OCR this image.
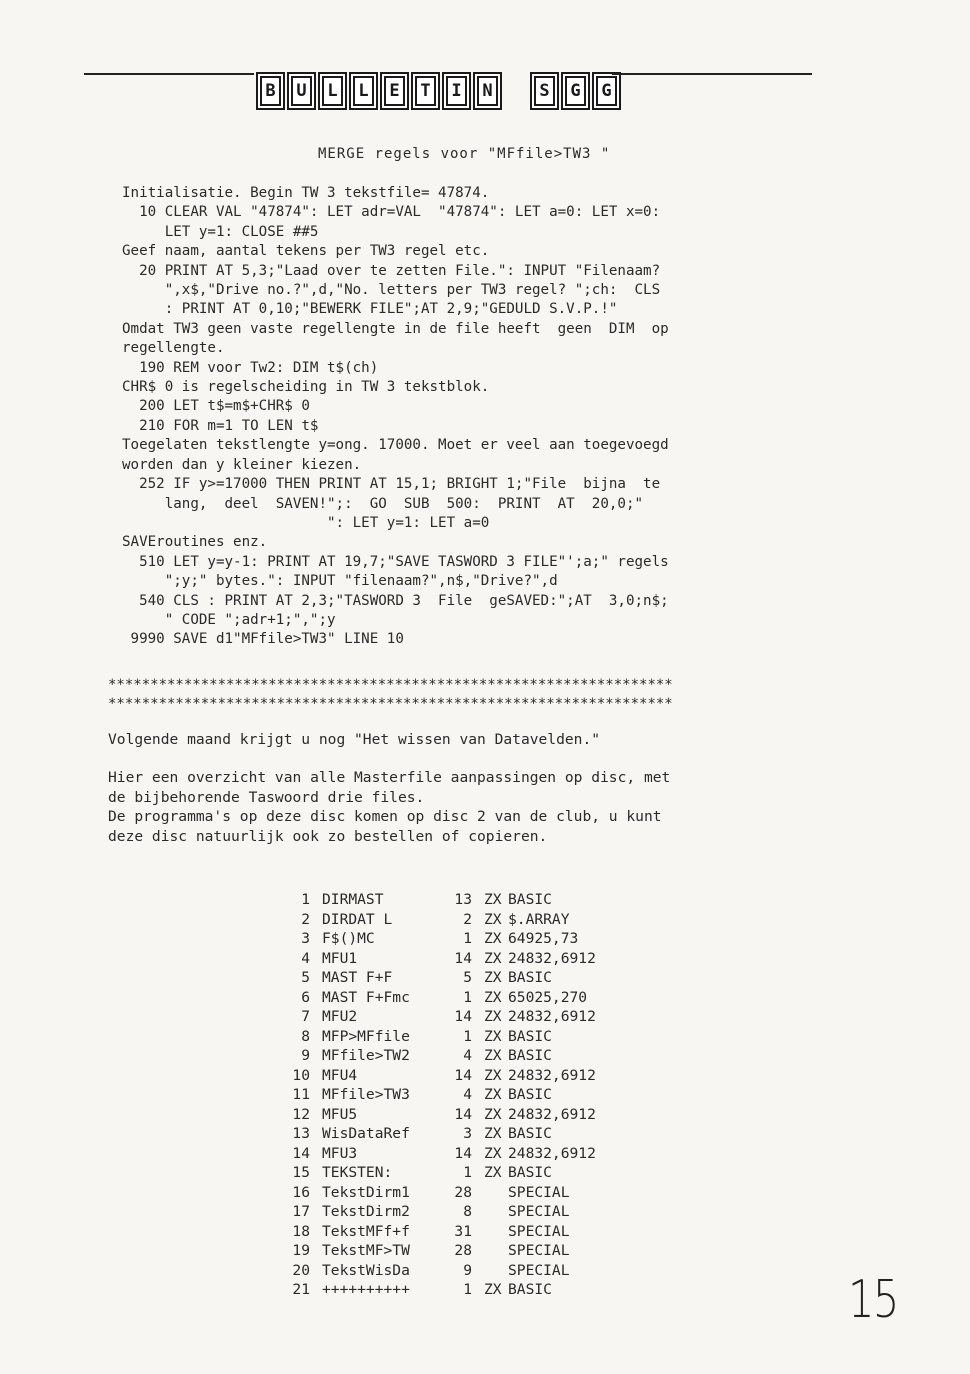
B	U	L	L	E	T	I	N	S	G	G
MERGE regels voor "MFfile>TW3 "
Initialisatie. Begin TW 3 tekstfile= 47874.
10 CLEAR VAL "47874": LET adr=VAL  "47874": LET a=0: LET x=0:
LET y=1: CLOSE ##5
Geef naam, aantal tekens per TW3 regel etc.
20 PRINT AT 5,3;"Laad over te zetten File.": INPUT "Filenaam?
",x$,"Drive no.?",d,"No. letters per TW3 regel? ";ch:  CLS
: PRINT AT 0,10;"BEWERK FILE";AT 2,9;"GEDULD S.V.P.!"
Omdat TW3 geen vaste regellengte in de file heeft  geen  DIM  op
regellengte.
190 REM voor Tw2: DIM t$(ch)
CHR$ 0 is regelscheiding in TW 3 tekstblok.
200 LET t$=m$+CHR$ 0
210 FOR m=1 TO LEN t$
Toegelaten tekstlengte y=ong. 17000. Moet er veel aan toegevoegd
worden dan y kleiner kiezen.
252 IF y>=17000 THEN PRINT AT 15,1; BRIGHT 1;"File  bijna  te
lang,  deel  SAVEN!";:  GO  SUB  500:  PRINT  AT  20,0;"
": LET y=1: LET a=0
SAVEroutines enz.
510 LET y=y-1: PRINT AT 19,7;"SAVE TASWORD 3 FILE"';a;" regels
";y;" bytes.": INPUT "filenaam?",n$,"Drive?",d
540 CLS : PRINT AT 2,3;"TASWORD 3  File  geSAVED:";AT  3,0;n$;
" CODE ";adr+1;",";y
9990 SAVE d1"MFfile>TW3" LINE 10
*******************************************************************
*******************************************************************
Volgende maand krijgt u nog "Het wissen van Datavelden."
Hier een overzicht van alle Masterfile aanpassingen op disc, met
de bijbehorende Taswoord drie files.
De programma's op deze disc komen op disc 2 van de club, u kunt
deze disc natuurlijk ook zo bestellen of copieren.
1	DIRMAST	13	ZX	BASIC
2	DIRDAT L	2	ZX	$.ARRAY
3	F$()MC	1	ZX	64925,73
4	MFU1	14	ZX	24832,6912
5	MAST F+F	5	ZX	BASIC
6	MAST F+Fmc	1	ZX	65025,270
7	MFU2	14	ZX	24832,6912
8	MFP>MFfile	1	ZX	BASIC
9	MFfile>TW2	4	ZX	BASIC
10	MFU4	14	ZX	24832,6912
11	MFfile>TW3	4	ZX	BASIC
12	MFU5	14	ZX	24832,6912
13	WisDataRef	3	ZX	BASIC
14	MFU3	14	ZX	24832,6912
15	TEKSTEN:	1	ZX	BASIC
16	TekstDirm1	28		SPECIAL
17	TekstDirm2	8		SPECIAL
18	TekstMFf+f	31		SPECIAL
19	TekstMF>TW	28		SPECIAL
20	TekstWisDa	9		SPECIAL
21	++++++++++	1	ZX	BASIC	15
